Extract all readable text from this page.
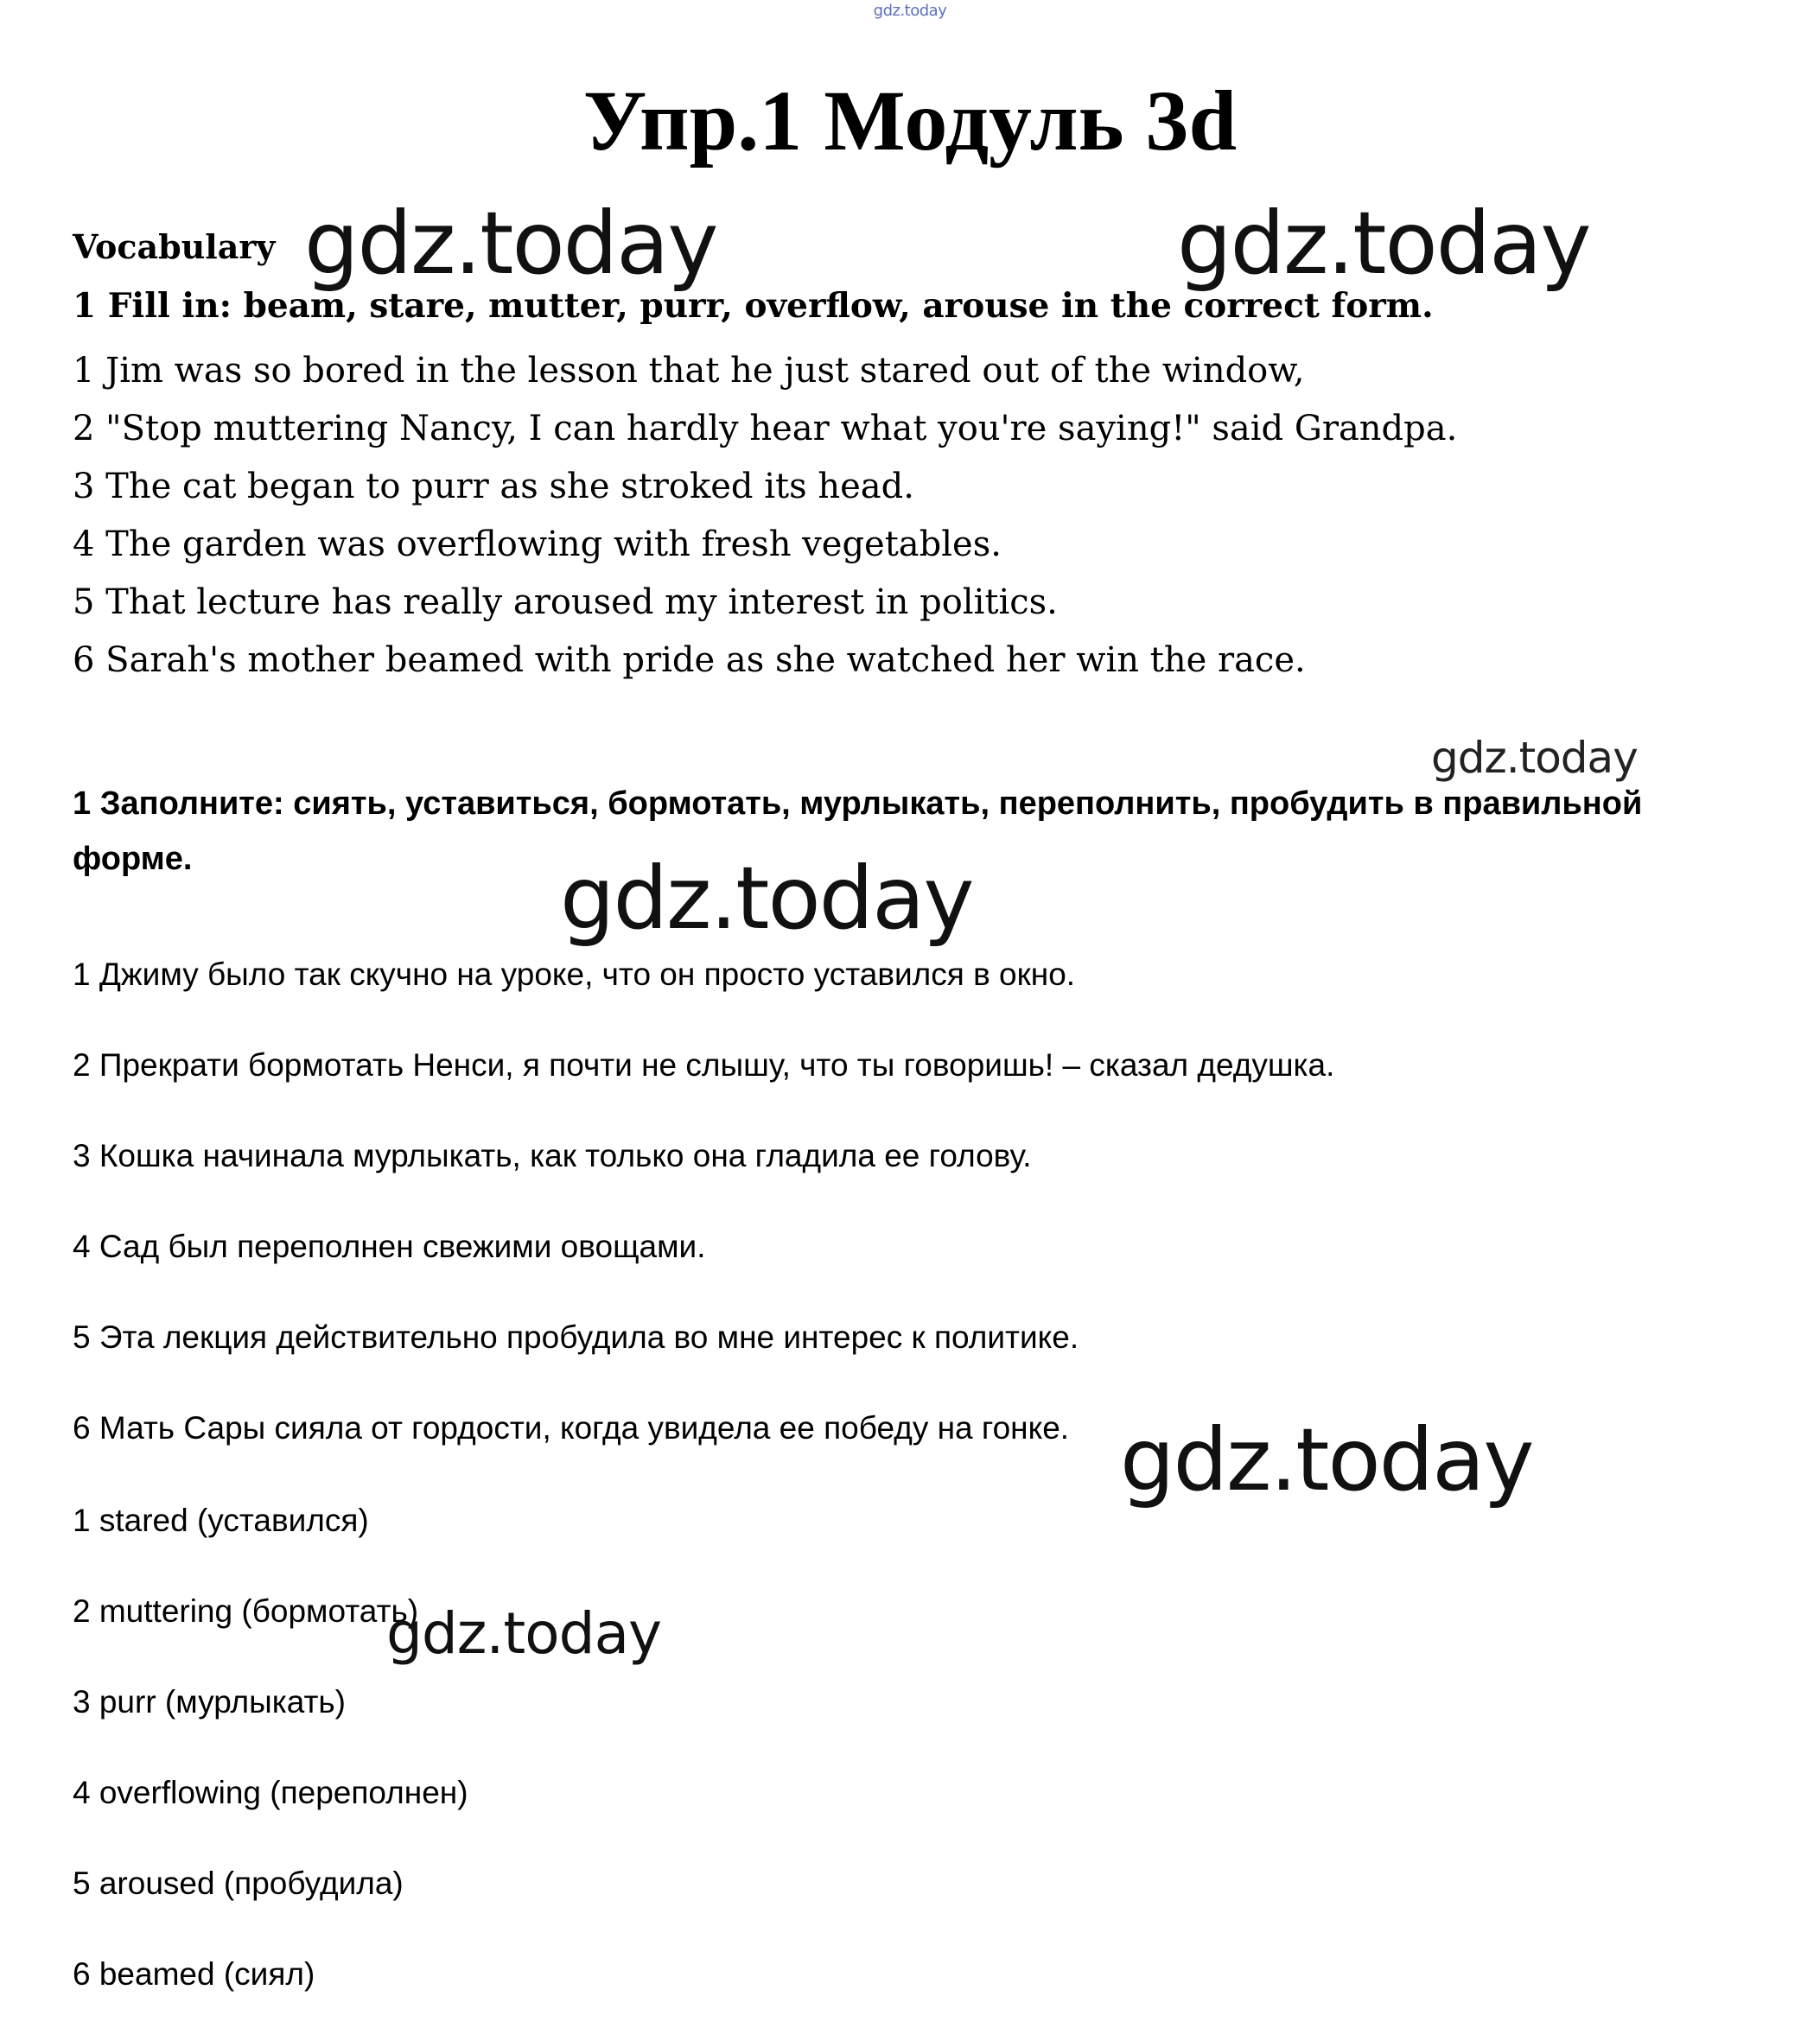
gdz.today
Упр.1 Модуль 3d
Vocabulary
1 Fill in: beam, stare, mutter, purr, overflow, arouse in the correct form.
1 Jim was so bored in the lesson that he just stared out of the window,
2 "Stop muttering Nancy, I can hardly hear what you're saying!" said Grandpa.
3 The cat began to purr as she stroked its head.
4 The garden was overflowing with fresh vegetables.
5 That lecture has really aroused my interest in politics.
6 Sarah's mother beamed with pride as she watched her win the race.
1 Заполните: сиять, уставиться, бормотать, мурлыкать, переполнить, пробудить в правильной форме.
1 Джиму было так скучно на уроке, что он просто уставился в окно.
2 Прекрати бормотать Ненси, я почти не слышу, что ты говоришь! – сказал дедушка.
3 Кошка начинала мурлыкать, как только она гладила ее голову.
4 Сад был переполнен свежими овощами.
5 Эта лекция действительно пробудила во мне интерес к политике.
6 Мать Сары сияла от гордости, когда увидела ее победу на гонке.
1 stared (уставился)
2 muttering (бормотать)
3 purr (мурлыкать)
4 overflowing (переполнен)
5 aroused (пробудила)
6 beamed (сиял)
gdz.today	gdz.today
gdz.today
gdz.today
gdz.today
gdz.today
